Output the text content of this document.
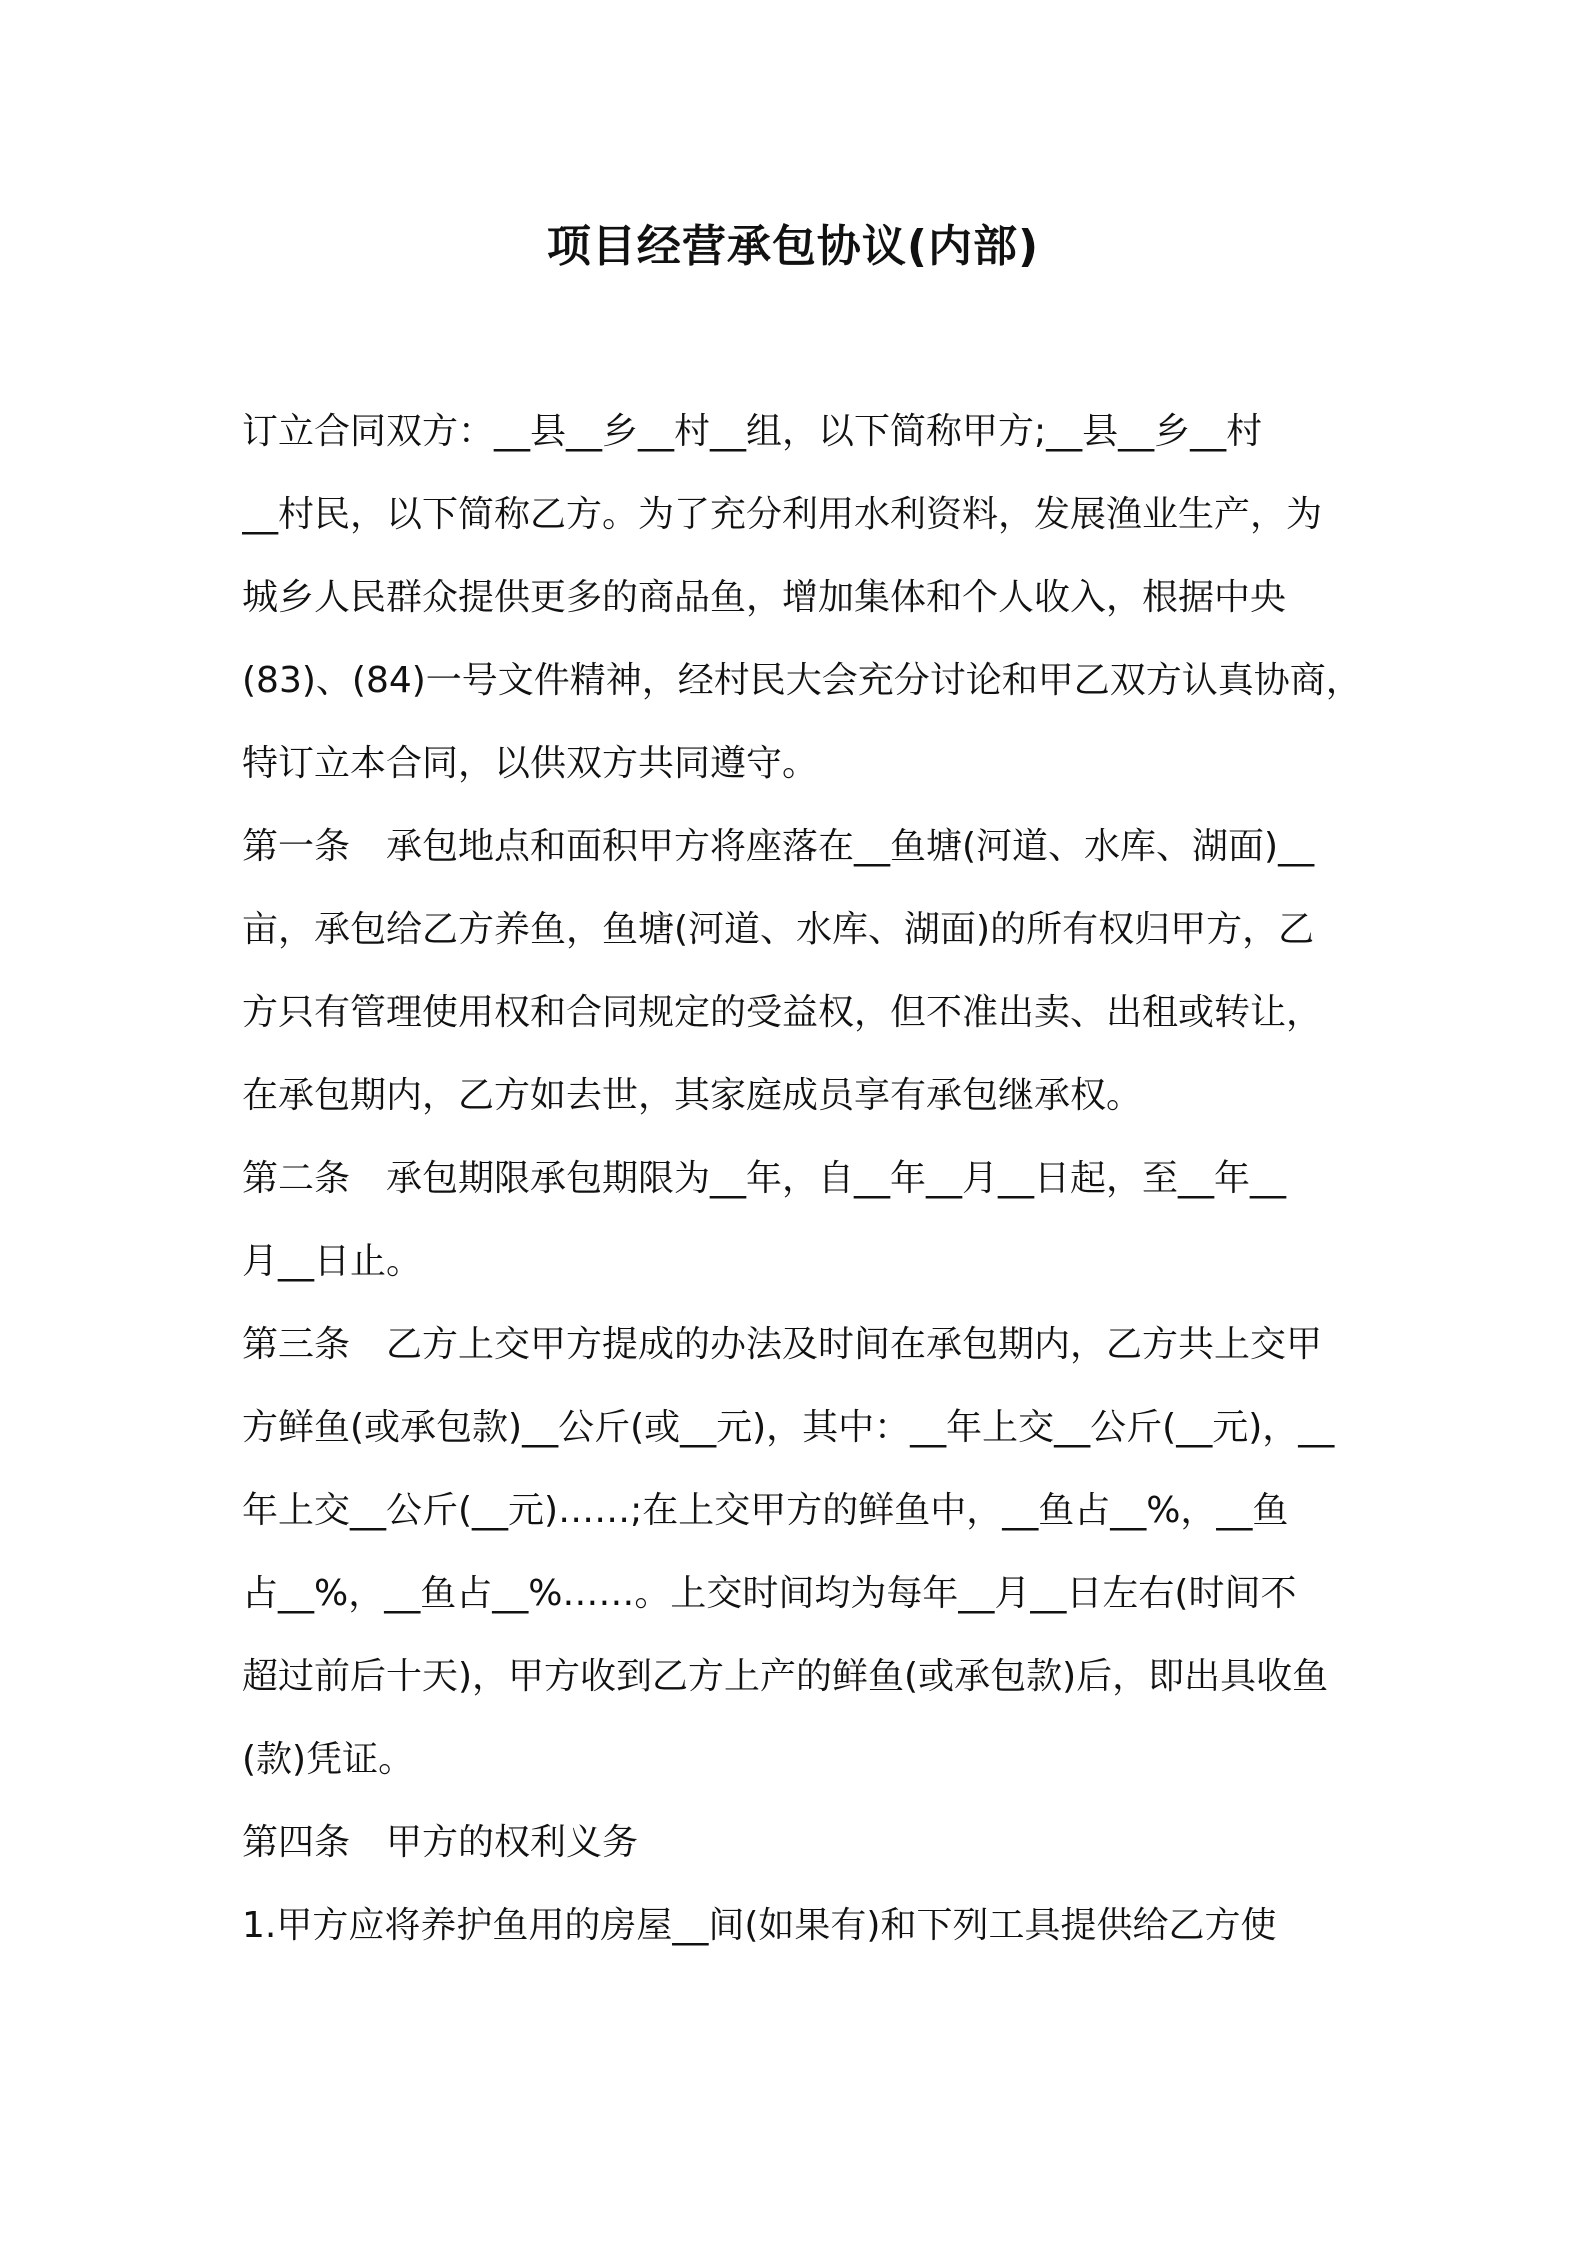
项目经营承包协议(内部)
订立合同双方：__县__乡__村__组，以下简称甲方;__县__乡__村
__村民，以下简称乙方。为了充分利用水利资料，发展渔业生产，为
城乡人民群众提供更多的商品鱼，增加集体和个人收入，根据中央
(83)、(84)一号文件精神，经村民大会充分讨论和甲乙双方认真协商，
特订立本合同，以供双方共同遵守。
第一条　承包地点和面积甲方将座落在__鱼塘(河道、水库、湖面)__
亩，承包给乙方养鱼，鱼塘(河道、水库、湖面)的所有权归甲方，乙
方只有管理使用权和合同规定的受益权，但不准出卖、出租或转让，
在承包期内，乙方如去世，其家庭成员享有承包继承权。
第二条　承包期限承包期限为__年，自__年__月__日起，至__年__
月__日止。
第三条　乙方上交甲方提成的办法及时间在承包期内，乙方共上交甲
方鲜鱼(或承包款)__公斤(或__元)，其中：__年上交__公斤(__元)，__
年上交__公斤(__元)……;在上交甲方的鲜鱼中，__鱼占__%，__鱼
占__%，__鱼占__%……。上交时间均为每年__月__日左右(时间不
超过前后十天)，甲方收到乙方上产的鲜鱼(或承包款)后，即出具收鱼
(款)凭证。
第四条　甲方的权利义务
1.甲方应将养护鱼用的房屋__间(如果有)和下列工具提供给乙方使
